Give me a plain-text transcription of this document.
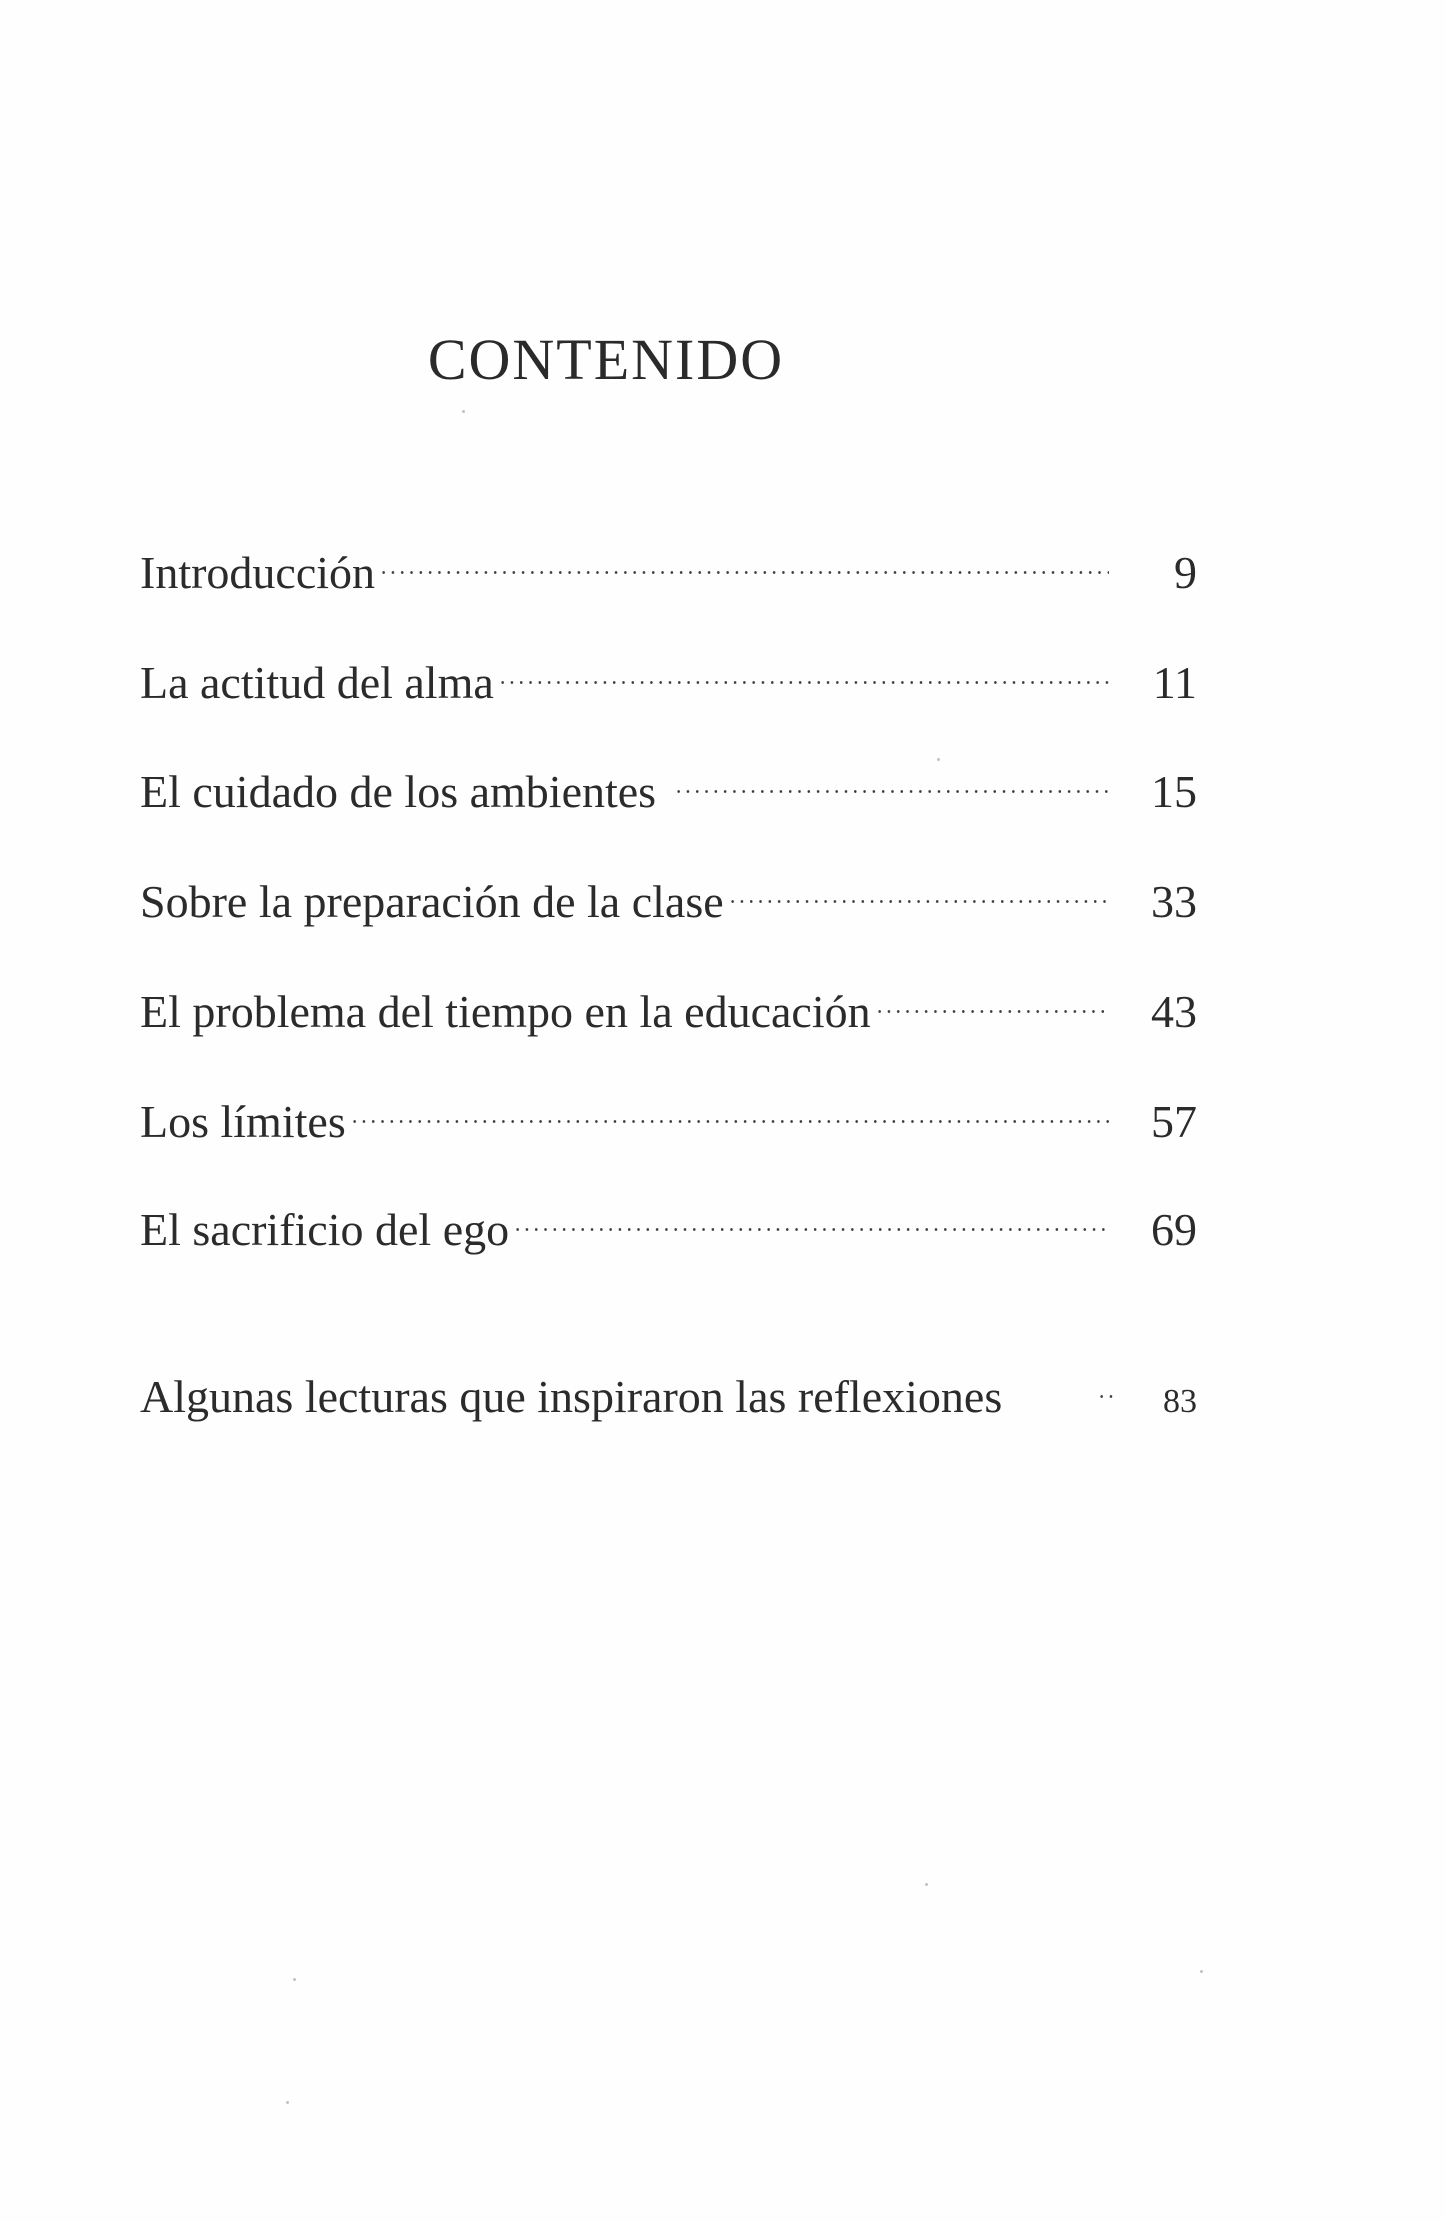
CONTENIDO
Introducción	9
La actitud del alma	11
El cuidado de los ambientes	15
Sobre la preparación de la clase	33
El problema del tiempo en la educación	43
Los límites	57
El sacrificio del ego	69
Algunas lecturas que inspiraron las reflexiones	83
